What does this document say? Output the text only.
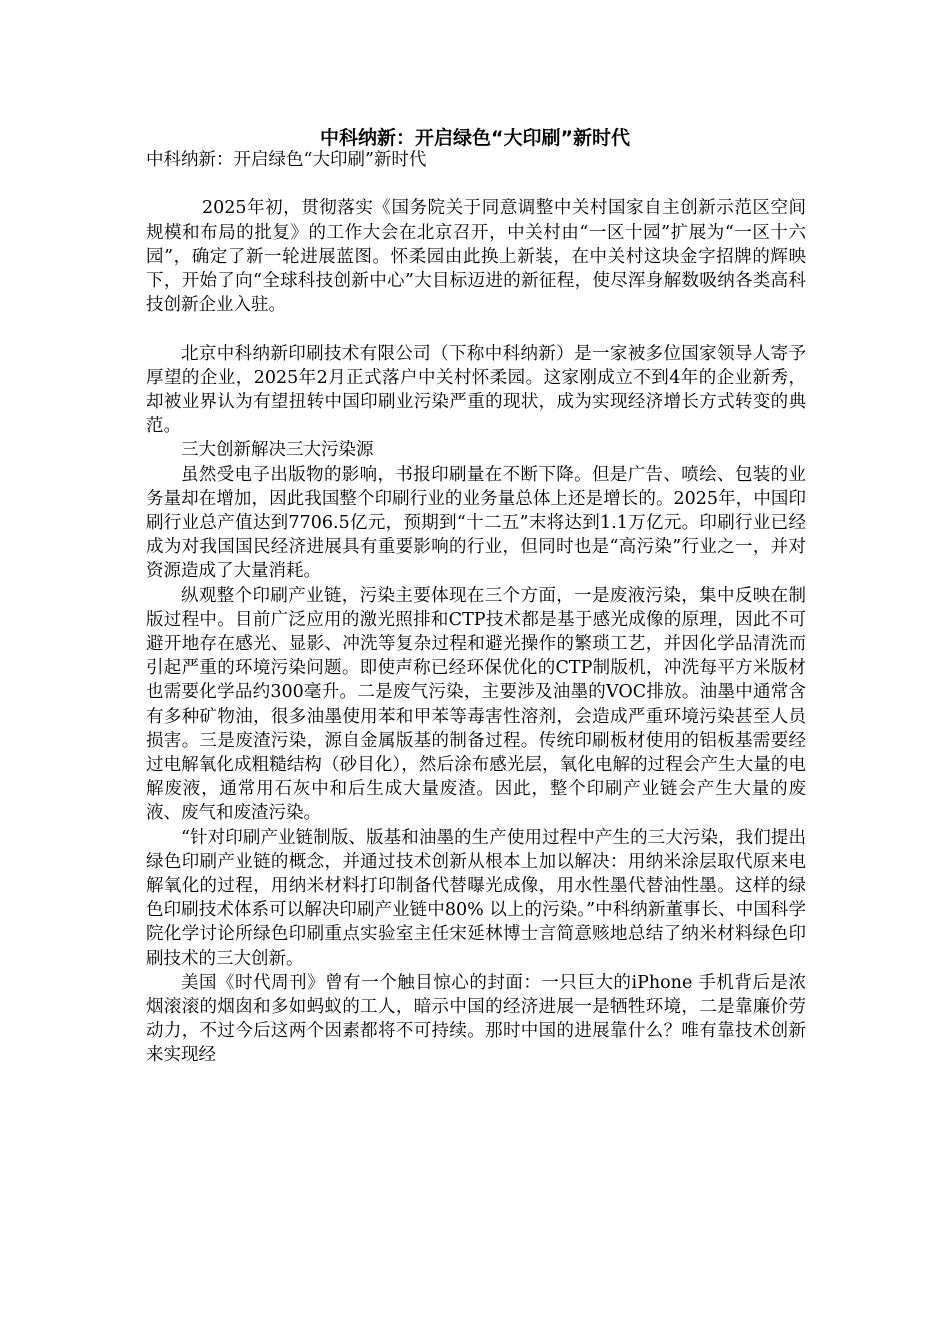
中科纳新：开启绿色“大印刷”新时代

中科纳新：开启绿色“大印刷”新时代

2025年初，贯彻落实《国务院关于同意调整中关村国家自主创新示范区空间规模和布局的批复》的工作大会在北京召开，中关村由“一区十园”扩展为“一区十六园”，确定了新一轮进展蓝图。怀柔园由此换上新装，在中关村这块金字招牌的辉映下，开始了向“全球科技创新中心”大目标迈进的新征程，使尽浑身解数吸纳各类高科技创新企业入驻。

北京中科纳新印刷技术有限公司（下称中科纳新）是一家被多位国家领导人寄予厚望的企业，2025年2月正式落户中关村怀柔园。这家刚成立不到4年的企业新秀，却被业界认为有望扭转中国印刷业污染严重的现状，成为实现经济增长方式转变的典范。

三大创新解决三大污染源

虽然受电子出版物的影响，书报印刷量在不断下降。但是广告、喷绘、包装的业务量却在增加，因此我国整个印刷行业的业务量总体上还是增长的。2025年，中国印刷行业总产值达到7706.5亿元，预期到“十二五”末将达到1.1万亿元。印刷行业已经成为对我国国民经济进展具有重要影响的行业，但同时也是“高污染”行业之一，并对资源造成了大量消耗。

纵观整个印刷产业链，污染主要体现在三个方面，一是废液污染，集中反映在制版过程中。目前广泛应用的激光照排和CTP技术都是基于感光成像的原理，因此不可避开地存在感光、显影、冲洗等复杂过程和避光操作的繁琐工艺，并因化学品清洗而引起严重的环境污染问题。即使声称已经环保优化的CTP制版机，冲洗每平方米版材也需要化学品约300毫升。二是废气污染，主要涉及油墨的VOC排放。油墨中通常含有多种矿物油，很多油墨使用苯和甲苯等毒害性溶剂，会造成严重环境污染甚至人员损害。三是废渣污染，源自金属版基的制备过程。传统印刷板材使用的铝板基需要经过电解氧化成粗糙结构（砂目化），然后涂布感光层，氧化电解的过程会产生大量的电解废液，通常用石灰中和后生成大量废渣。因此，整个印刷产业链会产生大量的废液、废气和废渣污染。

“针对印刷产业链制版、版基和油墨的生产使用过程中产生的三大污染，我们提出绿色印刷产业链的概念，并通过技术创新从根本上加以解决：用纳米涂层取代原来电解氧化的过程，用纳米材料打印制备代替曝光成像，用水性墨代替油性墨。这样的绿色印刷技术体系可以解决印刷产业链中80% 以上的污染。”中科纳新董事长、中国科学院化学讨论所绿色印刷重点实验室主任宋延林博士言简意赅地总结了纳米材料绿色印刷技术的三大创新。

美国《时代周刊》曾有一个触目惊心的封面：一只巨大的iPhone 手机背后是浓烟滚滚的烟囱和多如蚂蚁的工人，暗示中国的经济进展一是牺牲环境，二是靠廉价劳动力，不过今后这两个因素都将不可持续。那时中国的进展靠什么？唯有靠技术创新来实现经
